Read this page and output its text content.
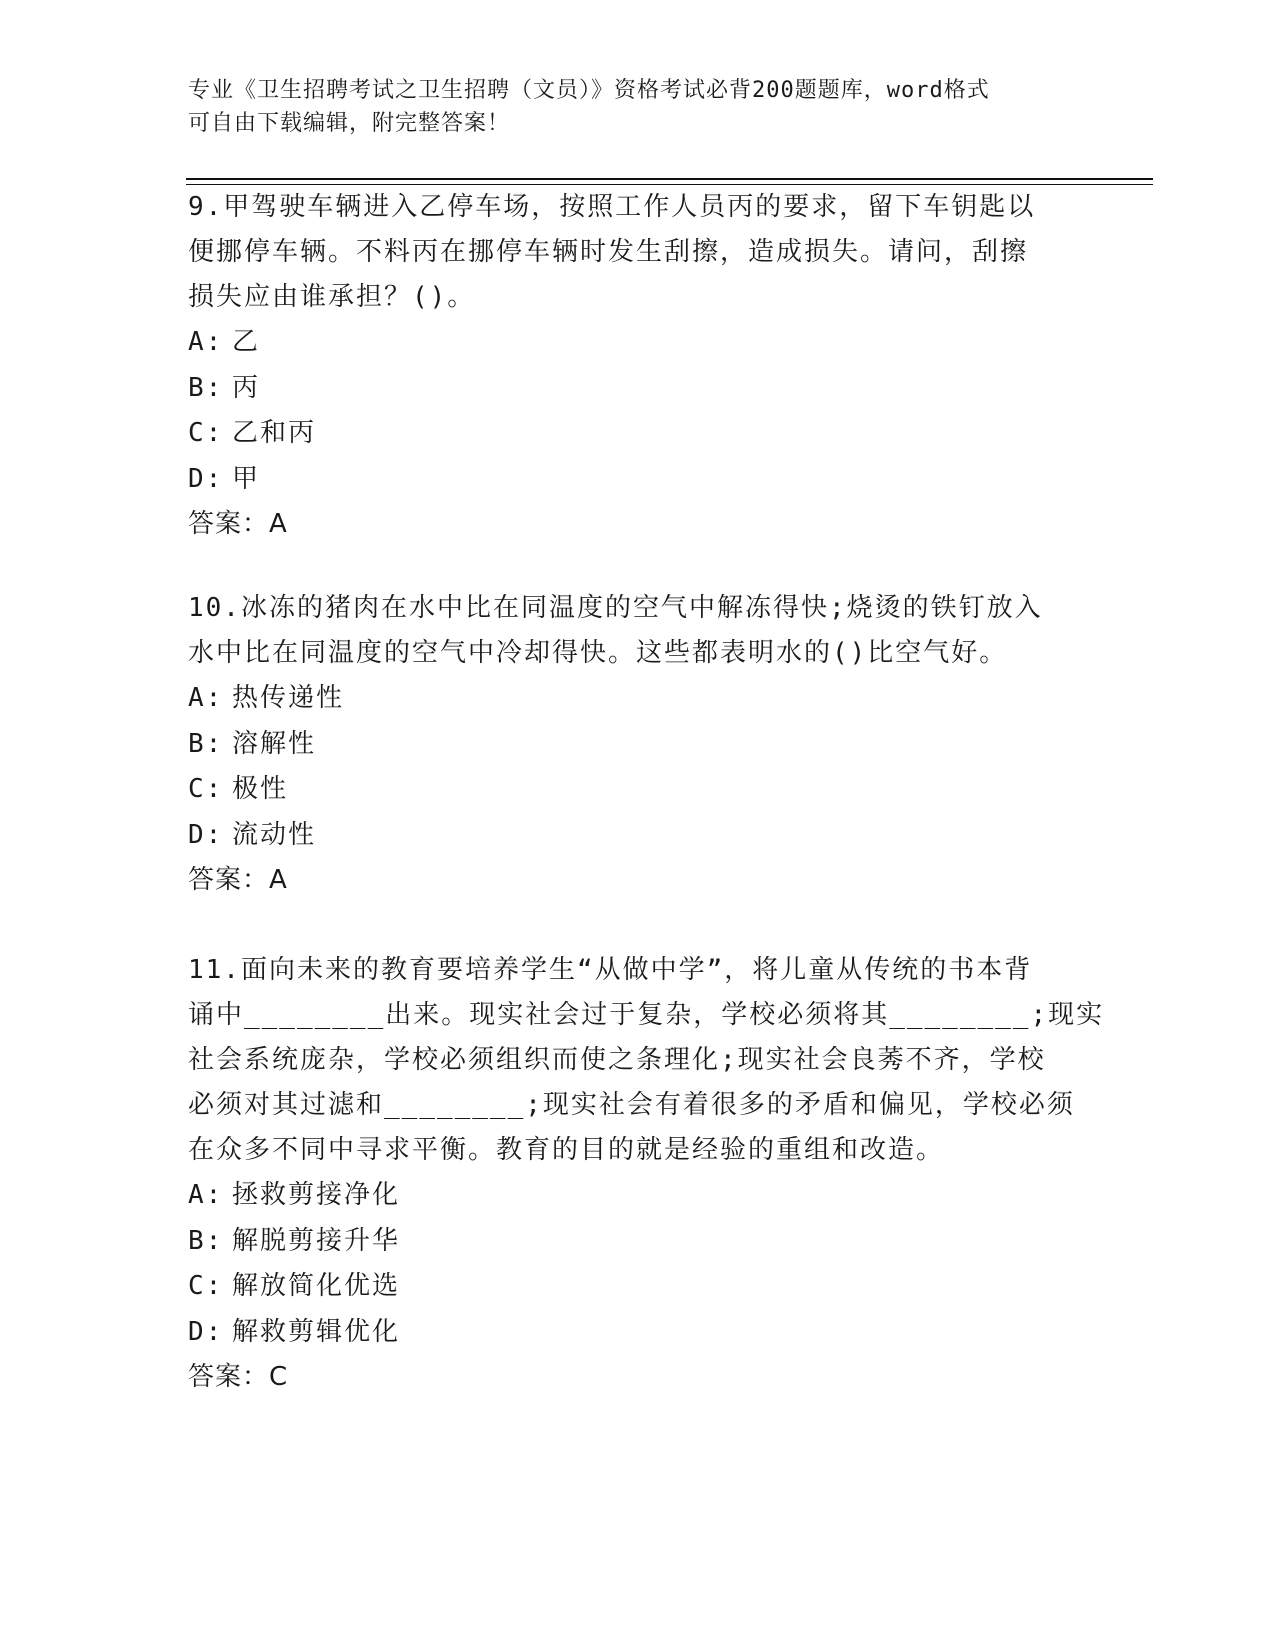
专业《卫生招聘考试之卫生招聘（文员）》资格考试必背200题题库，word格式
可自由下载编辑，附完整答案！
9.甲驾驶车辆进入乙停车场，按照工作人员丙的要求，留下车钥匙以
便挪停车辆。不料丙在挪停车辆时发生刮擦，造成损失。请问，刮擦
损失应由谁承担？()。
A: 乙
B: 丙
C: 乙和丙
D: 甲
答案：A
10.冰冻的猪肉在水中比在同温度的空气中解冻得快;烧烫的铁钉放入
水中比在同温度的空气中冷却得快。这些都表明水的()比空气好。
A: 热传递性
B: 溶解性
C: 极性
D: 流动性
答案：A
11.面向未来的教育要培养学生“从做中学”，将儿童从传统的书本背
诵中________出来。现实社会过于复杂，学校必须将其________;现实
社会系统庞杂，学校必须组织而使之条理化;现实社会良莠不齐，学校
必须对其过滤和________;现实社会有着很多的矛盾和偏见，学校必须
在众多不同中寻求平衡。教育的目的就是经验的重组和改造。
A: 拯救剪接净化
B: 解脱剪接升华
C: 解放简化优选
D: 解救剪辑优化
答案：C
